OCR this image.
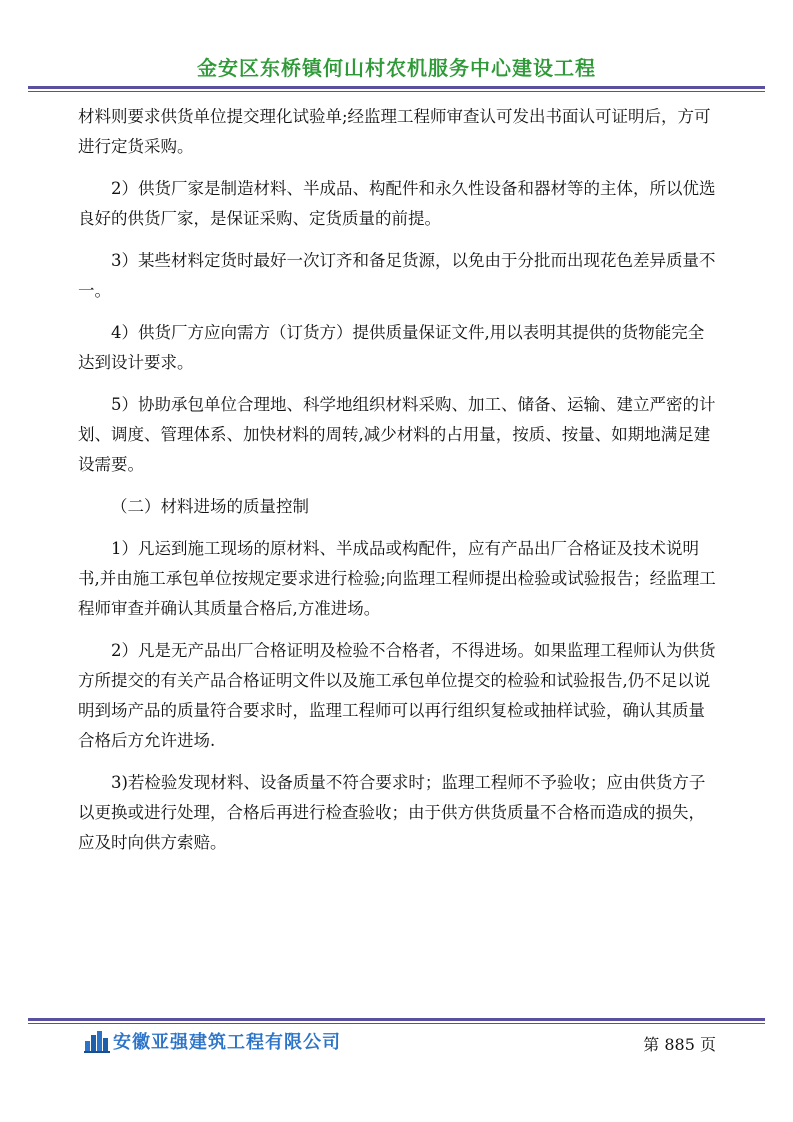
金安区东桥镇何山村农机服务中心建设工程

材料则要求供货单位提交理化试验单;经监理工程师审查认可发出书面认可证明后，方可进行定货采购。

2）供货厂家是制造材料、半成品、构配件和永久性设备和器材等的主体，所以优选良好的供货厂家，是保证采购、定货质量的前提。

3）某些材料定货时最好一次订齐和备足货源，以免由于分批而出现花色差异质量不一。

4）供货厂方应向需方（订货方）提供质量保证文件,用以表明其提供的货物能完全达到设计要求。

5）协助承包单位合理地、科学地组织材料采购、加工、储备、运输、建立严密的计划、调度、管理体系、加快材料的周转,减少材料的占用量，按质、按量、如期地满足建设需要。

（二）材料进场的质量控制

1）凡运到施工现场的原材料、半成品或构配件，应有产品出厂合格证及技术说明书,并由施工承包单位按规定要求进行检验;向监理工程师提出检验或试验报告；经监理工程师审查并确认其质量合格后,方准进场。

2）凡是无产品出厂合格证明及检验不合格者，不得进场。如果监理工程师认为供货方所提交的有关产品合格证明文件以及施工承包单位提交的检验和试验报告,仍不足以说明到场产品的质量符合要求时，监理工程师可以再行组织复检或抽样试验，确认其质量合格后方允许进场.

3)若检验发现材料、设备质量不符合要求时；监理工程师不予验收；应由供货方子以更换或进行处理，合格后再进行检查验收；由于供方供货质量不合格而造成的损失，应及时向供方索赔。

安徽亚强建筑工程有限公司	第 885 页
